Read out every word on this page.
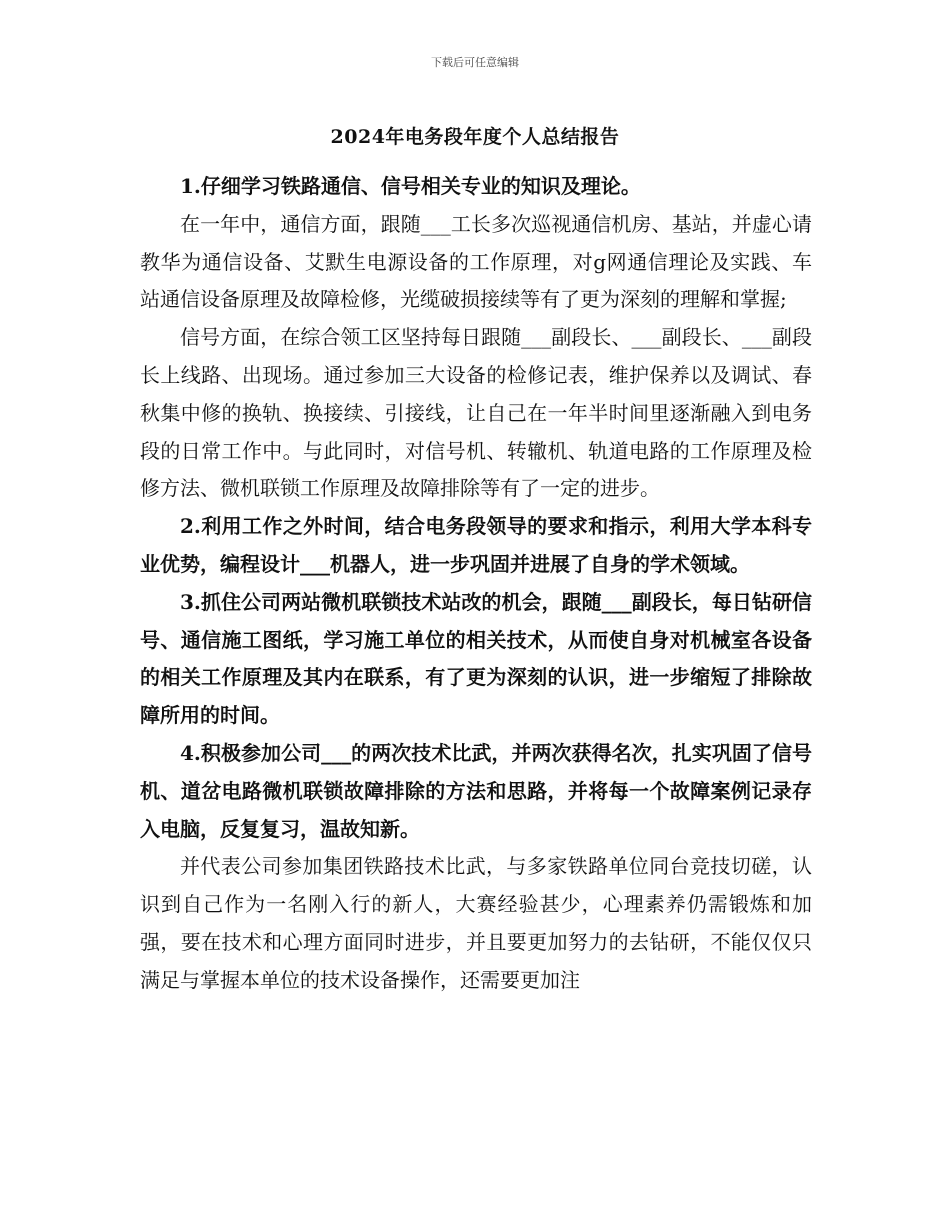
下载后可任意编辑
2024年电务段年度个人总结报告

1.仔细学习铁路通信、信号相关专业的知识及理论。

在一年中，通信方面，跟随___工长多次巡视通信机房、基站，并虚心请教华为通信设备、艾默生电源设备的工作原理，对g网通信理论及实践、车站通信设备原理及故障检修，光缆破损接续等有了更为深刻的理解和掌握;

信号方面，在综合领工区坚持每日跟随___副段长、___副段长、___副段长上线路、出现场。通过参加三大设备的检修记表，维护保养以及调试、春秋集中修的换轨、换接续、引接线，让自己在一年半时间里逐渐融入到电务段的日常工作中。与此同时，对信号机、转辙机、轨道电路的工作原理及检修方法、微机联锁工作原理及故障排除等有了一定的进步。

2.利用工作之外时间，结合电务段领导的要求和指示，利用大学本科专业优势，编程设计___机器人，进一步巩固并进展了自身的学术领域。

3.抓住公司两站微机联锁技术站改的机会，跟随___副段长，每日钻研信号、通信施工图纸，学习施工单位的相关技术，从而使自身对机械室各设备的相关工作原理及其内在联系，有了更为深刻的认识，进一步缩短了排除故障所用的时间。

4.积极参加公司___的两次技术比武，并两次获得名次，扎实巩固了信号机、道岔电路微机联锁故障排除的方法和思路，并将每一个故障案例记录存入电脑，反复复习，温故知新。

并代表公司参加集团铁路技术比武，与多家铁路单位同台竞技切磋，认识到自己作为一名刚入行的新人，大赛经验甚少，心理素养仍需锻炼和加强，要在技术和心理方面同时进步，并且要更加努力的去钻研，不能仅仅只满足与掌握本单位的技术设备操作，还需要更加注
